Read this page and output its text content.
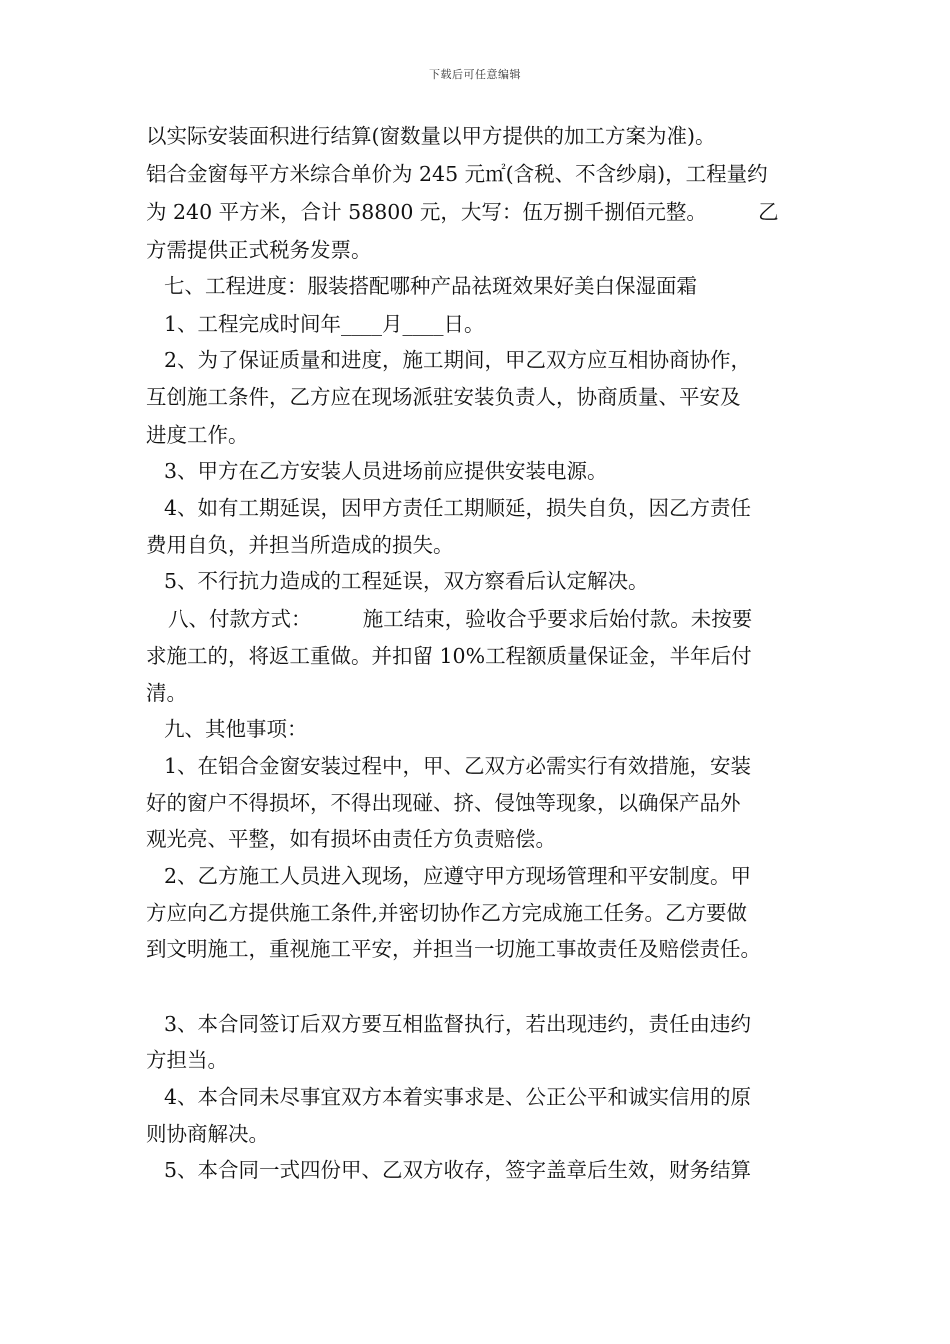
下载后可任意编辑
以实际安装面积进行结算(窗数量以甲方提供的加工方案为准)。
铝合金窗每平方米综合单价为 245 元㎡(含税、不含纱扇)，工程量约
为 240 平方米，合计 58800 元，大写：伍万捌千捌佰元整。　　　乙
方需提供正式税务发票。
七、工程进度：服装搭配哪种产品祛斑效果好美白保湿面霜
1、工程完成时间年____月____日。
2、为了保证质量和进度，施工期间，甲乙双方应互相协商协作，
互创施工条件，乙方应在现场派驻安装负责人，协商质量、平安及
进度工作。
3、甲方在乙方安装人员进场前应提供安装电源。
4、如有工期延误，因甲方责任工期顺延，损失自负，因乙方责任
费用自负，并担当所造成的损失。
5、不行抗力造成的工程延误，双方察看后认定解决。
八、付款方式：　　　施工结束，验收合乎要求后始付款。未按要
求施工的，将返工重做。并扣留 10%工程额质量保证金，半年后付
清。
九、其他事项：
1、在铝合金窗安装过程中，甲、乙双方必需实行有效措施，安装
好的窗户不得损坏，不得出现碰、挤、侵蚀等现象，以确保产品外
观光亮、平整，如有损坏由责任方负责赔偿。
2、乙方施工人员进入现场，应遵守甲方现场管理和平安制度。甲
方应向乙方提供施工条件,并密切协作乙方完成施工任务。乙方要做
到文明施工，重视施工平安，并担当一切施工事故责任及赔偿责任。
3、本合同签订后双方要互相监督执行，若出现违约，责任由违约
方担当。
4、本合同未尽事宜双方本着实事求是、公正公平和诚实信用的原
则协商解决。
5、本合同一式四份甲、乙双方收存，签字盖章后生效，财务结算
